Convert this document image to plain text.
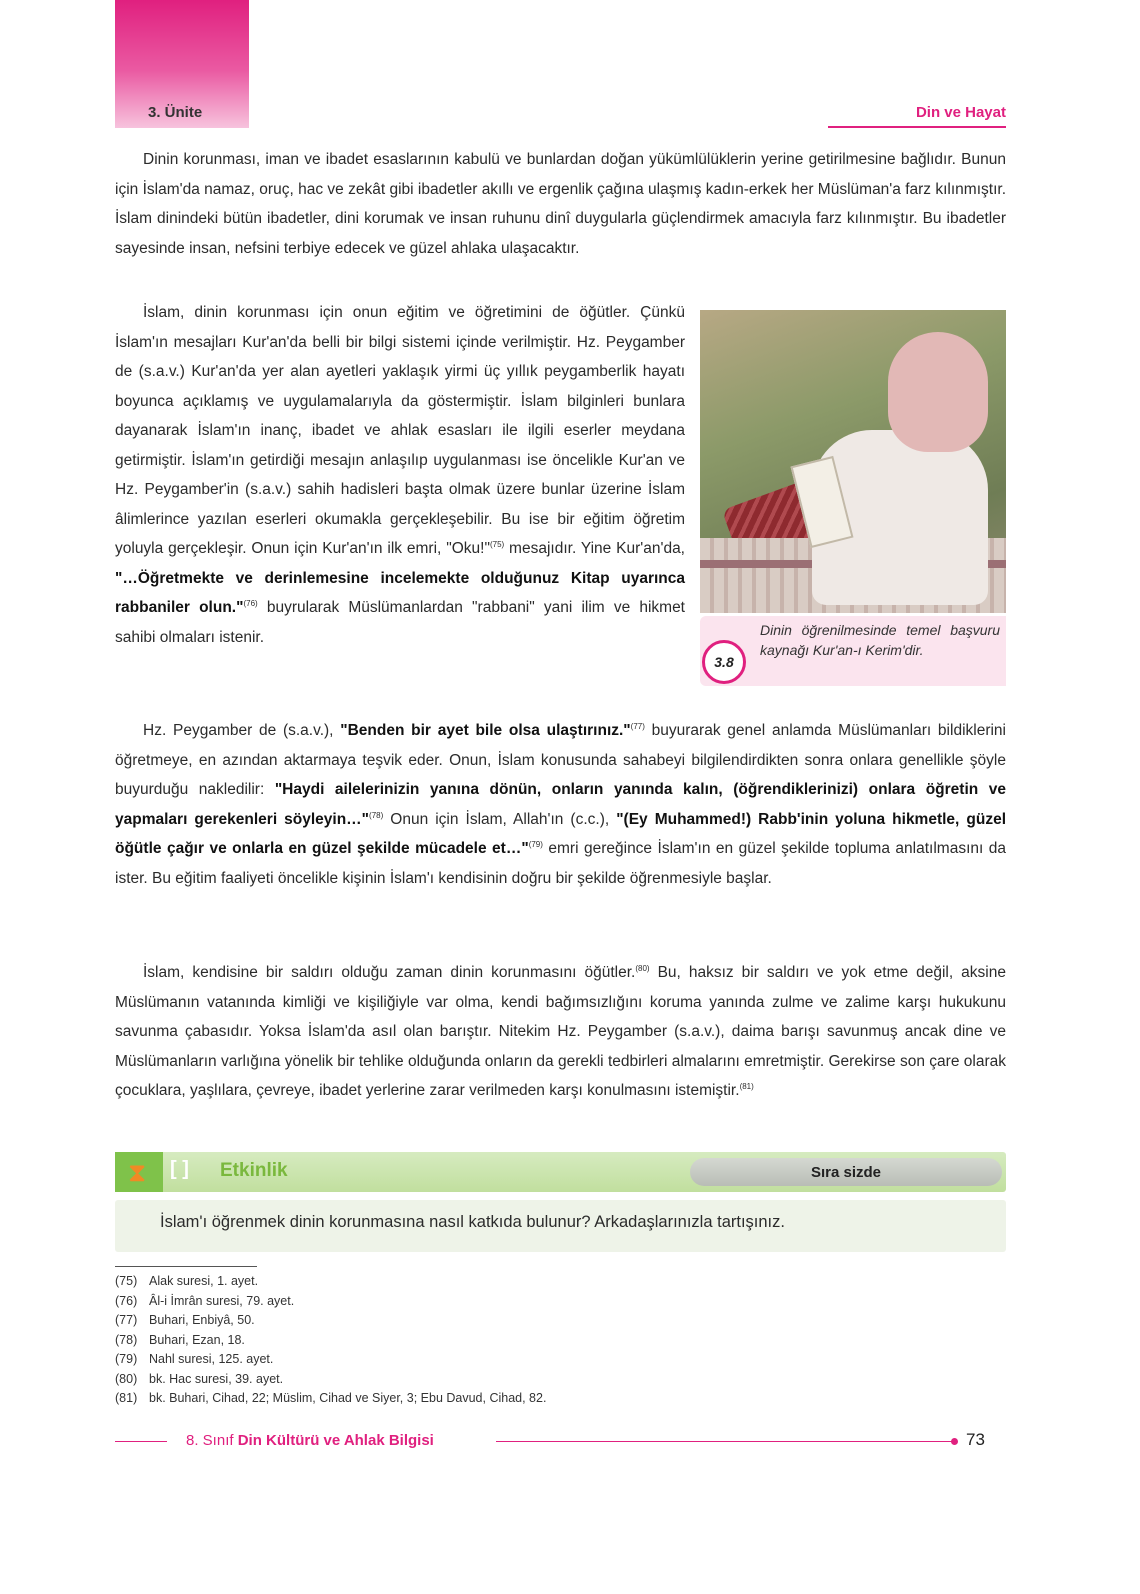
3. Ünite	Din ve Hayat

Dinin korunması, iman ve ibadet esaslarının kabulü ve bunlardan doğan yükümlülüklerin yerine getirilmesine bağlıdır. Bunun için İslam'da namaz, oruç, hac ve zekât gibi ibadetler akıllı ve ergenlik çağına ulaşmış kadın-erkek her Müslüman'a farz kılınmıştır. İslam dinindeki bütün ibadetler, dini korumak ve insan ruhunu dinî duygularla güçlendirmek amacıyla farz kılınmıştır. Bu ibadetler sayesinde insan, nefsini terbiye edecek ve güzel ahlaka ulaşacaktır.

İslam, dinin korunması için onun eğitim ve öğretimini de öğütler. Çünkü İslam'ın mesajları Kur'an'da belli bir bilgi sistemi içinde verilmiştir. Hz. Peygamber de (s.a.v.) Kur'an'da yer alan ayetleri yaklaşık yirmi üç yıllık peygamberlik hayatı boyunca açıklamış ve uygulamalarıyla da göstermiştir. İslam bilginleri bunlara dayanarak İslam'ın inanç, ibadet ve ahlak esasları ile ilgili eserler meydana getirmiştir. İslam'ın getirdiği mesajın anlaşılıp uygulanması ise öncelikle Kur'an ve Hz. Peygamber'in (s.a.v.) sahih hadisleri başta olmak üzere bunlar üzerine İslam âlimlerince yazılan eserleri okumakla gerçekleşebilir. Bu ise bir eğitim öğretim yoluyla gerçekleşir. Onun için Kur'an'ın ilk emri, "Oku!"$^{(75)}$ mesajıdır. Yine Kur'an'da, "…Öğretmekte ve derinlemesine incelemekte olduğunuz Kitap uyarınca rabbaniler olun."$^{(76)}$ buyrularak Müslümanlardan "rabbani" yani ilim ve hikmet sahibi olmaları istenir.

3.8
Dinin öğrenilmesinde temel başvuru kaynağı Kur'an-ı Kerim'dir.

Hz. Peygamber de (s.a.v.), "Benden bir ayet bile olsa ulaştırınız."$^{(77)}$ buyurarak genel anlamda Müslümanları bildiklerini öğretmeye, en azından aktarmaya teşvik eder. Onun, İslam konusunda sahabeyi bilgilendirdikten sonra onlara genellikle şöyle buyurduğu nakledilir: "Haydi ailelerinizin yanına dönün, onların yanında kalın, (öğrendiklerinizi) onlara öğretin ve yapmaları gerekenleri söyleyin…"$^{(78)}$ Onun için İslam, Allah'ın (c.c.), "(Ey Muhammed!) Rabb'inin yoluna hikmetle, güzel öğütle çağır ve onlarla en güzel şekilde mücadele et…"$^{(79)}$ emri gereğince İslam'ın en güzel şekilde topluma anlatılmasını da ister. Bu eğitim faaliyeti öncelikle kişinin İslam'ı kendisinin doğru bir şekilde öğrenmesiyle başlar.

İslam, kendisine bir saldırı olduğu zaman dinin korunmasını öğütler.$^{(80)}$ Bu, haksız bir saldırı ve yok etme değil, aksine Müslümanın vatanında kimliği ve kişiliğiyle var olma, kendi bağımsızlığını koruma yanında zulme ve zalime karşı hukukunu savunma çabasıdır. Yoksa İslam'da asıl olan barıştır. Nitekim Hz. Peygamber (s.a.v.), daima barışı savunmuş ancak dine ve Müslümanların varlığına yönelik bir tehlike olduğunda onların da gerekli tedbirleri almalarını emretmiştir. Gerekirse son çare olarak çocuklara, yaşlılara, çevreye, ibadet yerlerine zarar verilmeden karşı konulmasını istemiştir.$^{(81)}$

⧗ [ ] Etkinlik	Sıra sizde
İslam'ı öğrenmek dinin korunmasına nasıl katkıda bulunur? Arkadaşlarınızla tartışınız.
(75) Alak suresi, 1. ayet.
(76) Âl-i İmrân suresi, 79. ayet.
(77) Buhari, Enbiyâ, 50.
(78) Buhari, Ezan, 18.
(79) Nahl suresi, 125. ayet.
(80) bk. Hac suresi, 39. ayet.
(81) bk. Buhari, Cihad, 22; Müslim, Cihad ve Siyer, 3; Ebu Davud, Cihad, 82.
8. Sınıf Din Kültürü ve Ahlak Bilgisi	73
